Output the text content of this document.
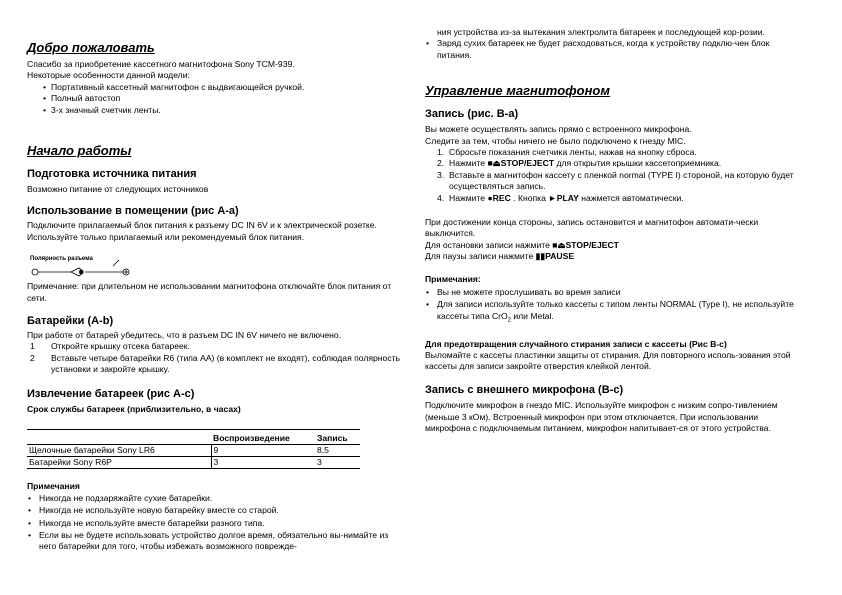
Добро пожаловать

Спасибо за приобретение кассетного магнитофона Sony TCM-939.

Некоторые особенности данной модели:

• Портативный кассетный магнитофон с выдвигающейся ручкой.
• Полный автостоп
• 3-х значный счетчик ленты.
Начало работы
Подготовка источника питания

Возможно питание от следующих источников

Использование в помещении (рис А-а)

Подключите прилагаемый блок питания к разъему DC IN 6V и к электрической розетке. Используйте только прилагаемый или рекомендуемый блок питания.

Полярность разъема

Примечание: при длительном не использовании магнитофона отключайте блок питания от сети.

Батарейки (A-b)

При работе от батарей убедитесь, что в разъем DC IN 6V ничего не включено.

1 Откройте крышку отсека батареек.
2 Вставьте четыре батарейки R6 (типа АА) (в комплект не входят), соблюдая полярность установки и закройте крышку.
Извлечение батареек (рис А-с)
Срок службы батареек (приблизительно, в часах)
	Воспроизведение	Запись
Щелочные батарейки Sony LR6	9	8,5
Батарейки Sony R6P	3	3
Примечания
• Никогда не подзаряжайте сухие батарейки.
• Никогда не используйте новую батарейку вместе со старой.
• Никогда не используйте вместе батарейки разного типа.
• Если вы не будете использовать устройство долгое время, обязательно вы-нимайте из него батарейки для того, чтобы избежать возможного поврежде-

ния устройства из-за вытекания электролита батареек и последующей кор-розии.

• Заряд сухих батареек не будет расходоваться, когда к устройству подклю-чен блок питания.
Управление магнитофоном
Запись (рис. B-a)

Вы можете осуществлять запись прямо с встроенного микрофона.

Следите за тем, чтобы ничего не было подключено к гнезду MIC.

1. Сбросьте показания счетчика ленты, нажав на кнопку сброса.
2. Нажмите ■⏏STOP/EJECT для открытия крышки кассетоприемника.
3. Вставьте в магнитофон кассету с пленкой normal (TYPE I) стороной, на которую будет осуществляться запись.
4. Нажмите ●REC . Кнопка ►PLAY нажмется автоматически.

При достижении конца стороны, запись остановится и магнитофон автомати-чески выключится.

Для остановки записи нажмите ■⏏STOP/EJECT

Для паузы записи нажмите ▮▮PAUSE

Примечания:
• Вы не можете прослушивать во время записи
• Для записи используйте только кассеты с типом ленты NORMAL (Type I), не используйте кассеты типа CrO$_2$ или Metal.
Для предотвращения случайного стирания записи с кассеты (Рис B-c)

Выломайте с кассеты пластинки защиты от стирания. Для повторного исполь-зования этой кассеты для записи закройте отверстия клейкой лентой.

Запись с внешнего микрофона (B-c)

Подключите микрофон в гнездо MIC. Используйте микрофон с низким сопро-тивлением (меньше 3 кОм). Встроенный микрофон при этом отключается. При использовании микрофона с подключаемым питанием, микрофон напитывает-ся от этого устройства.
